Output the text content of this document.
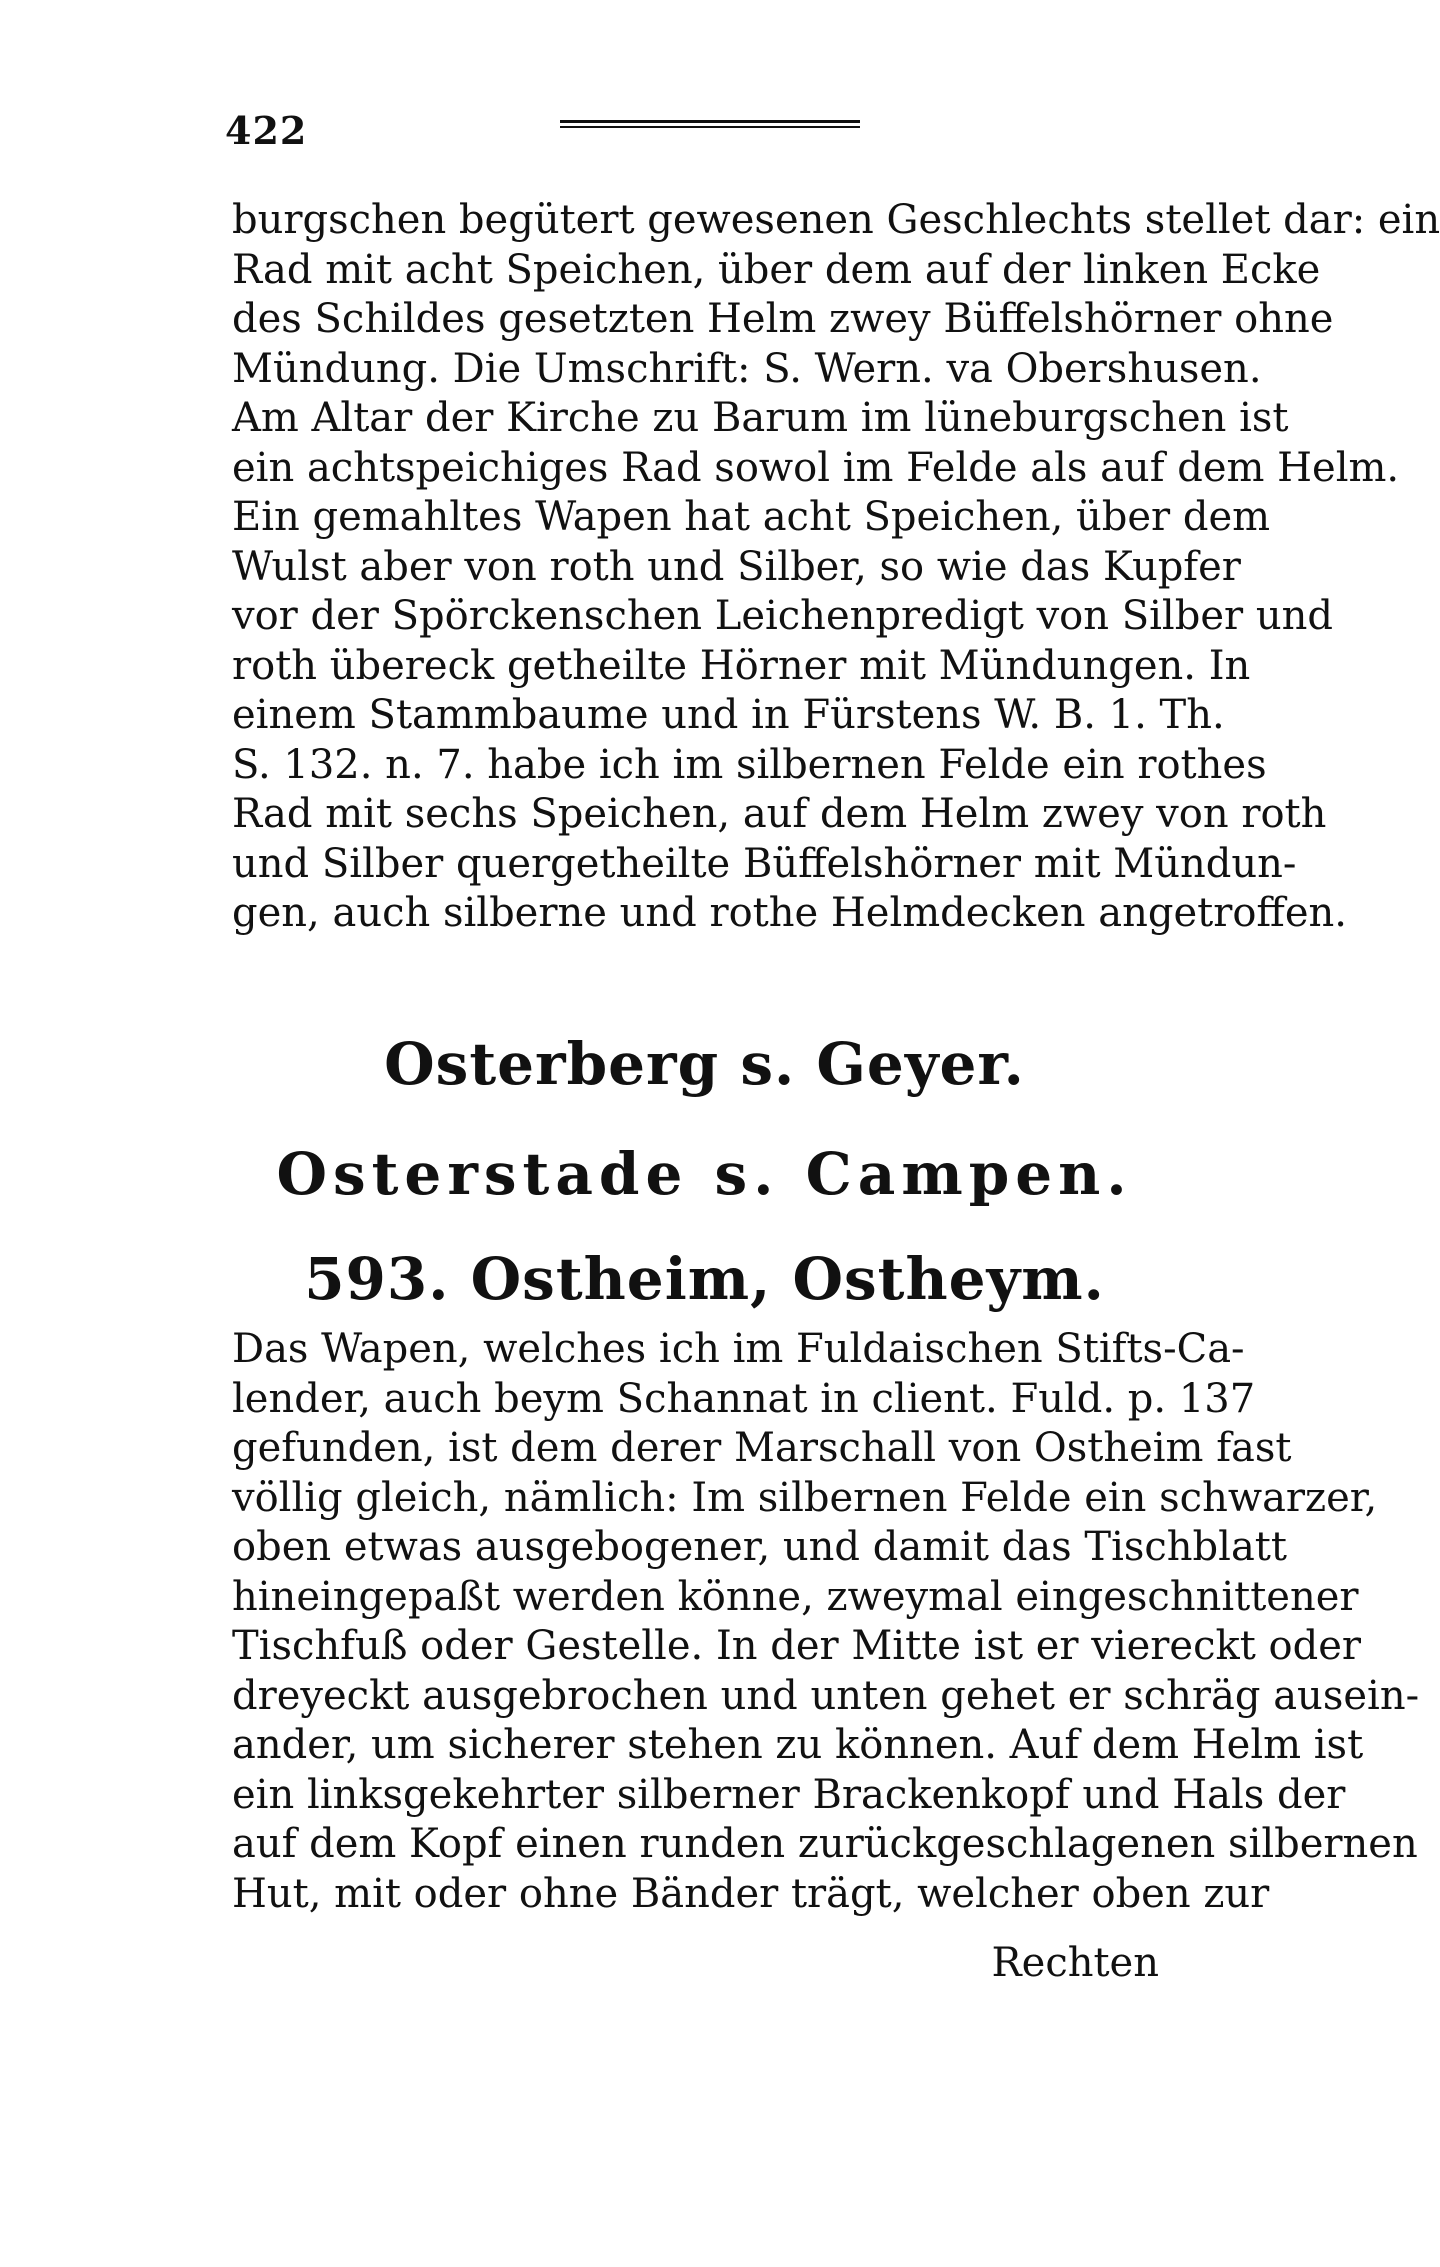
422
burgschen begütert gewesenen Geschlechts stellet dar: ein
Rad mit acht Speichen, über dem auf der linken Ecke
des Schildes gesetzten Helm zwey Büffelshörner ohne
Mündung. Die Umschrift: S. Wern. va Obershusen.
Am Altar der Kirche zu Barum im lüneburgschen ist
ein achtspeichiges Rad sowol im Felde als auf dem Helm.
Ein gemahltes Wapen hat acht Speichen, über dem
Wulst aber von roth und Silber, so wie das Kupfer
vor der Spörckenschen Leichenpredigt von Silber und
roth übereck getheilte Hörner mit Mündungen. In
einem Stammbaume und in Fürstens W. B. 1. Th.
S. 132. n. 7. habe ich im silbernen Felde ein rothes
Rad mit sechs Speichen, auf dem Helm zwey von roth
und Silber quergetheilte Büffelshörner mit Mündun-
gen, auch silberne und rothe Helmdecken angetroffen.
Osterberg s. Geyer.
Osterstade s. Campen.
593. Ostheim, Ostheym.
Das Wapen, welches ich im Fuldaischen Stifts-Ca-
lender, auch beym Schannat in client. Fuld. p. 137
gefunden, ist dem derer Marschall von Ostheim fast
völlig gleich, nämlich: Im silbernen Felde ein schwarzer,
oben etwas ausgebogener, und damit das Tischblatt
hineingepaßt werden könne, zweymal eingeschnittener
Tischfuß oder Gestelle. In der Mitte ist er viereckt oder
dreyeckt ausgebrochen und unten gehet er schräg ausein-
ander, um sicherer stehen zu können. Auf dem Helm ist
ein linksgekehrter silberner Brackenkopf und Hals der
auf dem Kopf einen runden zurückgeschlagenen silbernen
Hut, mit oder ohne Bänder trägt, welcher oben zur
Rechten
